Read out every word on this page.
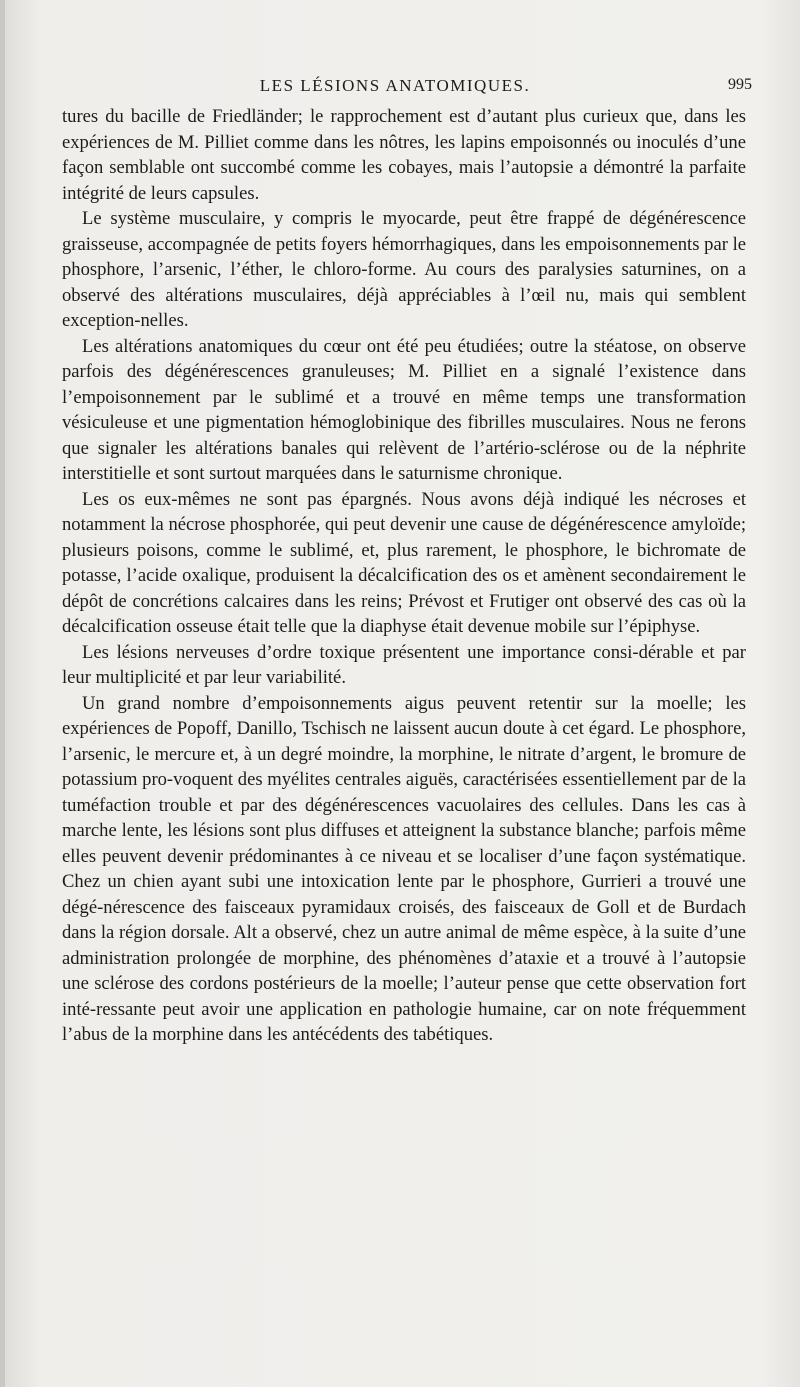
LES LÉSIONS ANATOMIQUES.	995

tures du bacille de Friedländer; le rapprochement est d’autant plus curieux que, dans les expériences de M. Pilliet comme dans les nôtres, les lapins empoisonnés ou inoculés d’une façon semblable ont succombé comme les cobayes, mais l’autopsie a démontré la parfaite intégrité de leurs capsules.

Le système musculaire, y compris le myocarde, peut être frappé de dégénérescence graisseuse, accompagnée de petits foyers hémorrhagiques, dans les empoisonnements par le phosphore, l’arsenic, l’éther, le chloro-forme. Au cours des paralysies saturnines, on a observé des altérations musculaires, déjà appréciables à l’œil nu, mais qui semblent exception-nelles.

Les altérations anatomiques du cœur ont été peu étudiées; outre la stéatose, on observe parfois des dégénérescences granuleuses; M. Pilliet en a signalé l’existence dans l’empoisonnement par le sublimé et a trouvé en même temps une transformation vésiculeuse et une pigmentation hémoglobinique des fibrilles musculaires. Nous ne ferons que signaler les altérations banales qui relèvent de l’artério-sclérose ou de la néphrite interstitielle et sont surtout marquées dans le saturnisme chronique.

Les os eux-mêmes ne sont pas épargnés. Nous avons déjà indiqué les nécroses et notamment la nécrose phosphorée, qui peut devenir une cause de dégénérescence amyloïde; plusieurs poisons, comme le sublimé, et, plus rarement, le phosphore, le bichromate de potasse, l’acide oxalique, produisent la décalcification des os et amènent secondairement le dépôt de concrétions calcaires dans les reins; Prévost et Frutiger ont observé des cas où la décalcification osseuse était telle que la diaphyse était devenue mobile sur l’épiphyse.

Les lésions nerveuses d’ordre toxique présentent une importance consi-dérable et par leur multiplicité et par leur variabilité.

Un grand nombre d’empoisonnements aigus peuvent retentir sur la moelle; les expériences de Popoff, Danillo, Tschisch ne laissent aucun doute à cet égard. Le phosphore, l’arsenic, le mercure et, à un degré moindre, la morphine, le nitrate d’argent, le bromure de potassium pro-voquent des myélites centrales aiguës, caractérisées essentiellement par de la tuméfaction trouble et par des dégénérescences vacuolaires des cellules. Dans les cas à marche lente, les lésions sont plus diffuses et atteignent la substance blanche; parfois même elles peuvent devenir prédominantes à ce niveau et se localiser d’une façon systématique. Chez un chien ayant subi une intoxication lente par le phosphore, Gurrieri a trouvé une dégé-nérescence des faisceaux pyramidaux croisés, des faisceaux de Goll et de Burdach dans la région dorsale. Alt a observé, chez un autre animal de même espèce, à la suite d’une administration prolongée de morphine, des phénomènes d’ataxie et a trouvé à l’autopsie une sclérose des cordons postérieurs de la moelle; l’auteur pense que cette observation fort inté-ressante peut avoir une application en pathologie humaine, car on note fréquemment l’abus de la morphine dans les antécédents des tabétiques.
